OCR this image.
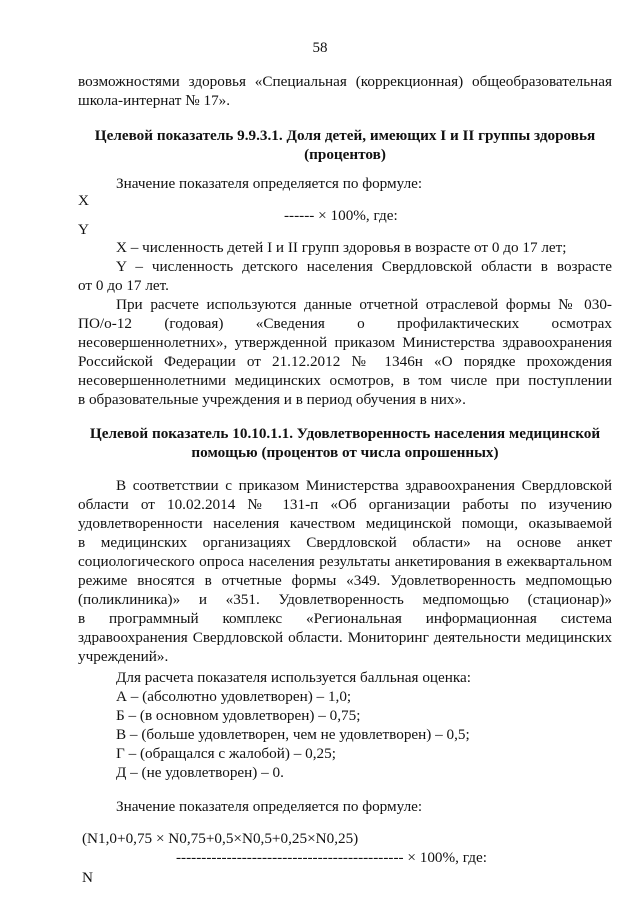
58
возможностями здоровья «Специальная (коррекционная) общеобразовательная
школа-интернат № 17».
Целевой показатель 9.9.3.1. Доля детей, имеющих I и II группы здоровья
(процентов)
Значение показателя определяется по формуле:
X
------ × 100%, где:
Y
X – численность детей I и II групп здоровья в возрасте от 0 до 17 лет;
Y – численность детского населения Свердловской области в возрасте
от 0 до 17 лет.
При расчете используются данные отчетной отраслевой формы № 030-
ПО/о-12 (годовая) «Сведения о профилактических осмотрах
несовершеннолетних», утвержденной приказом Министерства здравоохранения
Российской Федерации от 21.12.2012 № 1346н «О порядке прохождения
несовершеннолетними медицинских осмотров, в том числе при поступлении
в образовательные учреждения и в период обучения в них».
Целевой показатель 10.10.1.1. Удовлетворенность населения медицинской
помощью (процентов от числа опрошенных)
В соответствии с приказом Министерства здравоохранения Свердловской
области от 10.02.2014 № 131-п «Об организации работы по изучению
удовлетворенности населения качеством медицинской помощи, оказываемой
в медицинских организациях Свердловской области» на основе анкет
социологического опроса населения результаты анкетирования в ежеквартальном
режиме вносятся в отчетные формы «349. Удовлетворенность медпомощью
(поликлиника)» и «351. Удовлетворенность медпомощью (стационар)»
в программный комплекс «Региональная информационная система
здравоохранения Свердловской области. Мониторинг деятельности медицинских
учреждений».
Для расчета показателя используется балльная оценка:
А – (абсолютно удовлетворен) – 1,0;
Б – (в основном удовлетворен) – 0,75;
В – (больше удовлетворен, чем не удовлетворен) – 0,5;
Г – (обращался с жалобой) – 0,25;
Д – (не удовлетворен) – 0.
Значение показателя определяется по формуле:
(N1,0+0,75 × N0,75+0,5×N0,5+0,25×N0,25)
--------------------------------------------- × 100%, где:
N
